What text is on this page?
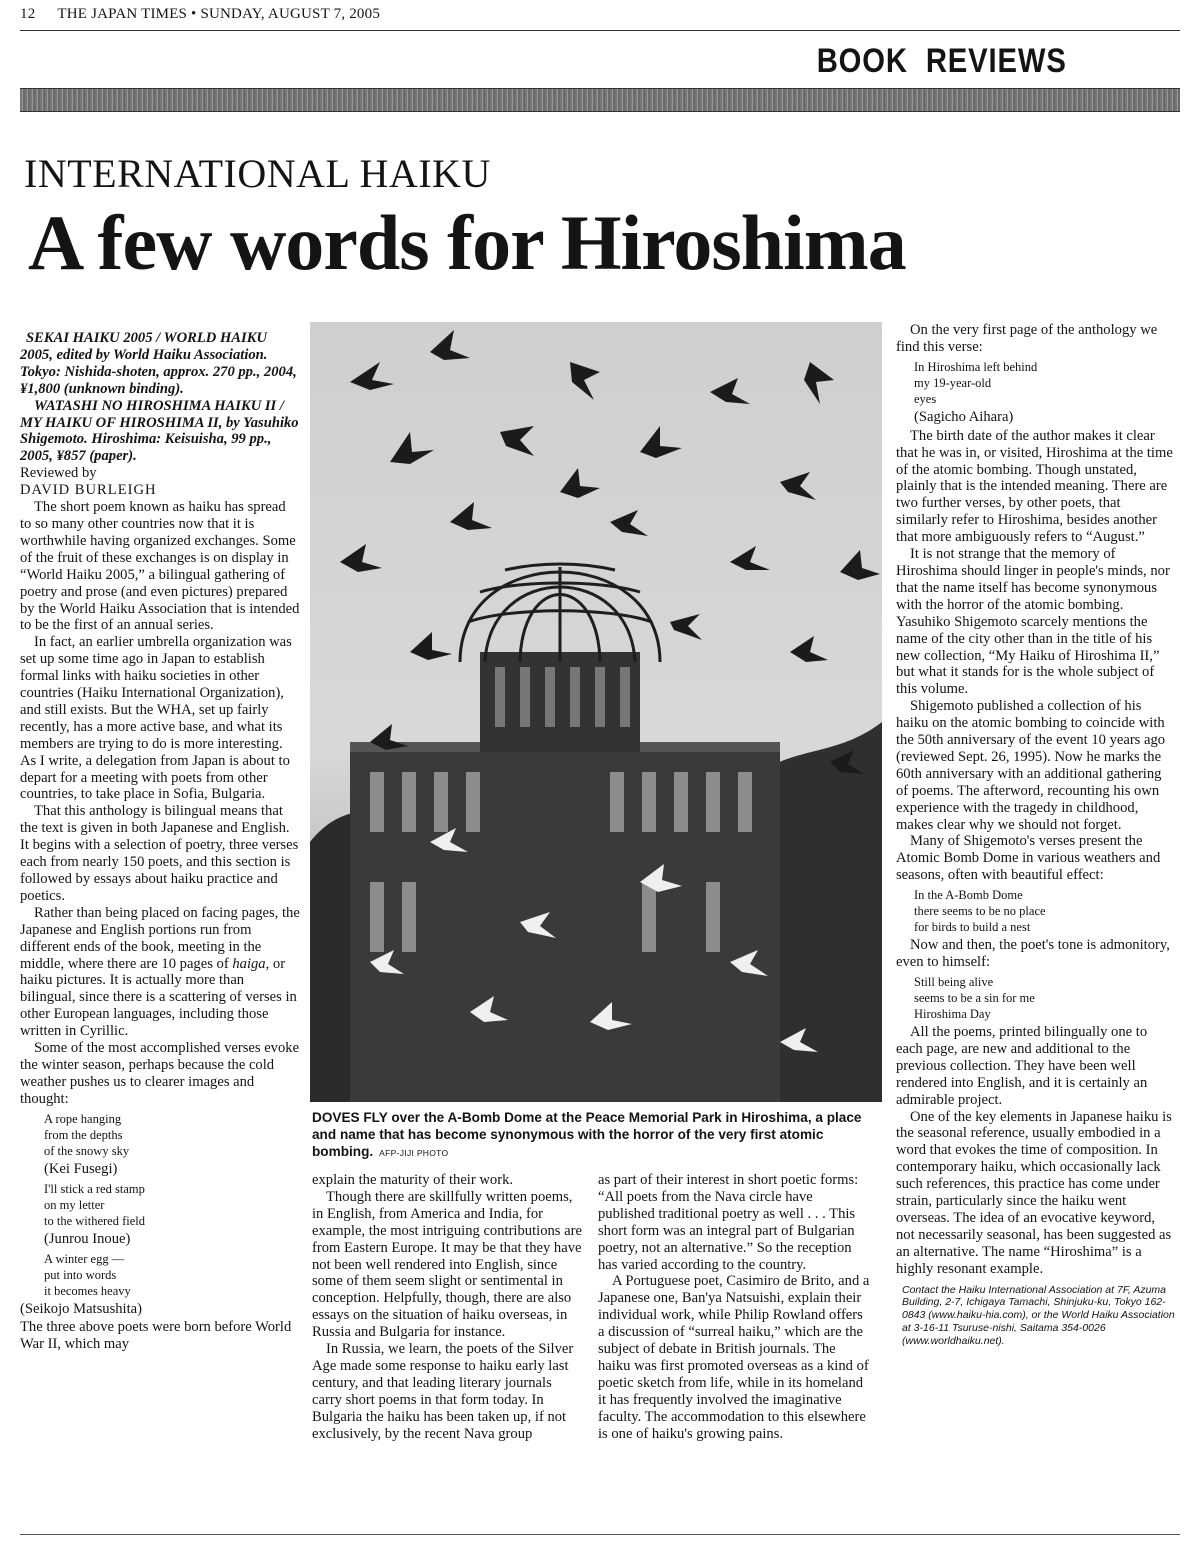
12 THE JAPAN TIMES • SUNDAY, AUGUST 7, 2005
BOOK  REVIEWS
INTERNATIONAL HAIKU
A few words for Hiroshima

SEKAI HAIKU 2005 / WORLD HAIKU 2005, edited by World Haiku Association. Tokyo: Nishida-shoten, approx. 270 pp., 2004, ¥1,800 (unknown binding).

WATASHI NO HIROSHIMA HAIKU II / MY HAIKU OF HIROSHIMA II, by Yasuhiko Shigemoto. Hiroshima: Keisuisha, 99 pp., 2005, ¥857 (paper).

Reviewed by

DAVID BURLEIGH

The short poem known as haiku has spread to so many other countries now that it is worthwhile having organized exchanges. Some of the fruit of these exchanges is on display in “World Haiku 2005,” a bilingual gathering of poetry and prose (and even pictures) prepared by the World Haiku Association that is intended to be the first of an annual series.

In fact, an earlier umbrella organization was set up some time ago in Japan to establish formal links with haiku societies in other countries (Haiku International Organization), and still exists. But the WHA, set up fairly recently, has a more active base, and what its members are trying to do is more interesting. As I write, a delegation from Japan is about to depart for a meeting with poets from other countries, to take place in Sofia, Bulgaria.

That this anthology is bilingual means that the text is given in both Japanese and English. It begins with a selection of poetry, three verses each from nearly 150 poets, and this section is followed by essays about haiku practice and poetics.

Rather than being placed on facing pages, the Japanese and English portions run from different ends of the book, meeting in the middle, where there are 10 pages of haiga, or haiku pictures. It is actually more than bilingual, since there is a scattering of verses in other European languages, including those written in Cyrillic.

Some of the most accomplished verses evoke the winter season, perhaps because the cold weather pushes us to clearer images and thought:

A rope hanging
from the depths
of the snowy sky
(Kei Fusegi)
I'll stick a red stamp
on my letter
to the withered field
(Junrou Inoue)
A winter egg —
put into words
it becomes heavy
(Seikojo Matsushita)

The three above poets were born before World War II, which may

DOVES FLY over the A-Bomb Dome at the Peace Memorial Park in Hiroshima, a place and name that has become synonymous with the horror of the very first atomic bombing. AFP-JIJI PHOTO

explain the maturity of their work.

Though there are skillfully written poems, in English, from America and India, for example, the most intriguing contributions are from Eastern Europe. It may be that they have not been well rendered into English, since some of them seem slight or sentimental in conception. Helpfully, though, there are also essays on the situation of haiku overseas, in Russia and Bulgaria for instance.

In Russia, we learn, the poets of the Silver Age made some response to haiku early last century, and that leading literary journals carry short poems in that form today. In Bulgaria the haiku has been taken up, if not exclusively, by the recent Nava group

as part of their interest in short poetic forms: “All poets from the Nava circle have published traditional poetry as well . . . This short form was an integral part of Bulgarian poetry, not an alternative.” So the reception has varied according to the country.

A Portuguese poet, Casimiro de Brito, and a Japanese one, Ban'ya Natsuishi, explain their individual work, while Philip Rowland offers a discussion of “surreal haiku,” which are the subject of debate in British journals. The haiku was first promoted overseas as a kind of poetic sketch from life, while in its homeland it has frequently involved the imaginative faculty. The accommodation to this elsewhere is one of haiku's growing pains.

On the very first page of the anthology we find this verse:

In Hiroshima left behind
my 19-year-old
eyes
(Sagicho Aihara)

The birth date of the author makes it clear that he was in, or visited, Hiroshima at the time of the atomic bombing. Though unstated, plainly that is the intended meaning. There are two further verses, by other poets, that similarly refer to Hiroshima, besides another that more ambiguously refers to “August.”

It is not strange that the memory of Hiroshima should linger in people's minds, nor that the name itself has become synonymous with the horror of the atomic bombing. Yasuhiko Shigemoto scarcely mentions the name of the city other than in the title of his new collection, “My Haiku of Hiroshima II,” but what it stands for is the whole subject of this volume.

Shigemoto published a collection of his haiku on the atomic bombing to coincide with the 50th anniversary of the event 10 years ago (reviewed Sept. 26, 1995). Now he marks the 60th anniversary with an additional gathering of poems. The afterword, recounting his own experience with the tragedy in childhood, makes clear why we should not forget.

Many of Shigemoto's verses present the Atomic Bomb Dome in various weathers and seasons, often with beautiful effect:

In the A-Bomb Dome
there seems to be no place
for birds to build a nest

Now and then, the poet's tone is admonitory, even to himself:

Still being alive
seems to be a sin for me
Hiroshima Day

All the poems, printed bilingually one to each page, are new and additional to the previous collection. They have been well rendered into English, and it is certainly an admirable project.

One of the key elements in Japanese haiku is the seasonal reference, usually embodied in a word that evokes the time of composition. In contemporary haiku, which occasionally lack such references, this practice has come under strain, particularly since the haiku went overseas. The idea of an evocative keyword, not necessarily seasonal, has been suggested as an alternative. The name “Hiroshima” is a highly resonant example.

Contact the Haiku International Association at 7F, Azuma Building, 2-7, Ichigaya Tamachi, Shinjuku-ku, Tokyo 162-0843 (www.haiku-hia.com), or the World Haiku Association at 3-16-11 Tsuruse-nishi, Saitama 354-0026 (www.worldhaiku.net).
